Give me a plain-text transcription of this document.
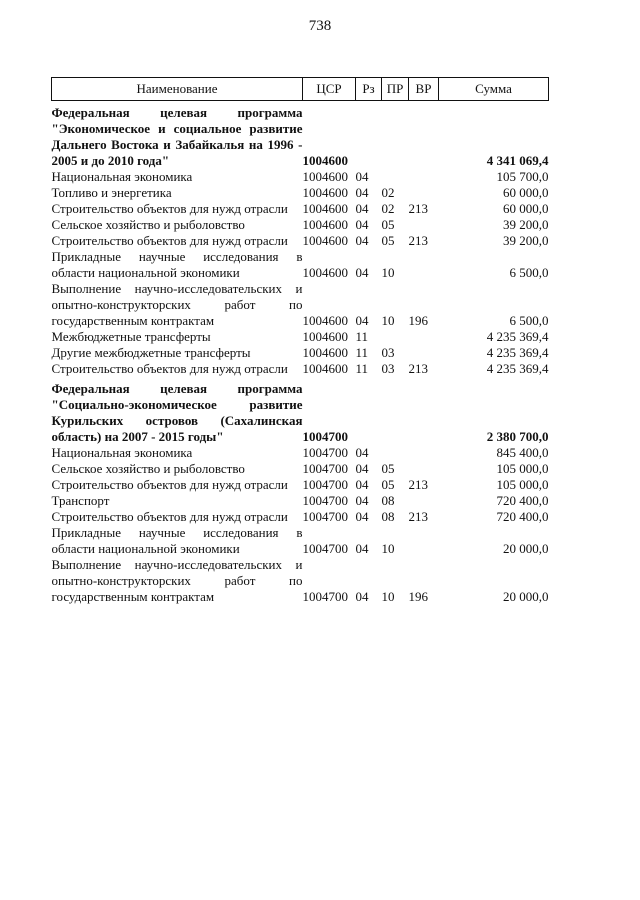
738
Наименование	ЦСР	Рз	ПР	ВР	Сумма
Федеральная целевая программа "Экономическое и социальное развитие Дальнего Востока и Забайкалья на 1996 - 2005 и до 2010 года"	1004600				4 341 069,4
Национальная экономика	1004600	04			105 700,0
Топливо и энергетика	1004600	04	02		60 000,0
Строительство объектов для нужд отрасли	1004600	04	02	213	60 000,0
Сельское хозяйство и рыболовство	1004600	04	05		39 200,0
Строительство объектов для нужд отрасли	1004600	04	05	213	39 200,0
Прикладные научные исследования в области национальной экономики	1004600	04	10		6 500,0
Выполнение научно-исследовательских и опытно-конструкторских работ по государственным контрактам	1004600	04	10	196	6 500,0
Межбюджетные трансферты	1004600	11			4 235 369,4
Другие межбюджетные трансферты	1004600	11	03		4 235 369,4
Строительство объектов для нужд отрасли	1004600	11	03	213	4 235 369,4
Федеральная целевая программа "Социально-экономическое развитие Курильских островов (Сахалинская область) на 2007 - 2015 годы"	1004700				2 380 700,0
Национальная экономика	1004700	04			845 400,0
Сельское хозяйство и рыболовство	1004700	04	05		105 000,0
Строительство объектов для нужд отрасли	1004700	04	05	213	105 000,0
Транспорт	1004700	04	08		720 400,0
Строительство объектов для нужд отрасли	1004700	04	08	213	720 400,0
Прикладные научные исследования в области национальной экономики	1004700	04	10		20 000,0
Выполнение научно-исследовательских и опытно-конструкторских работ по государственным контрактам	1004700	04	10	196	20 000,0
